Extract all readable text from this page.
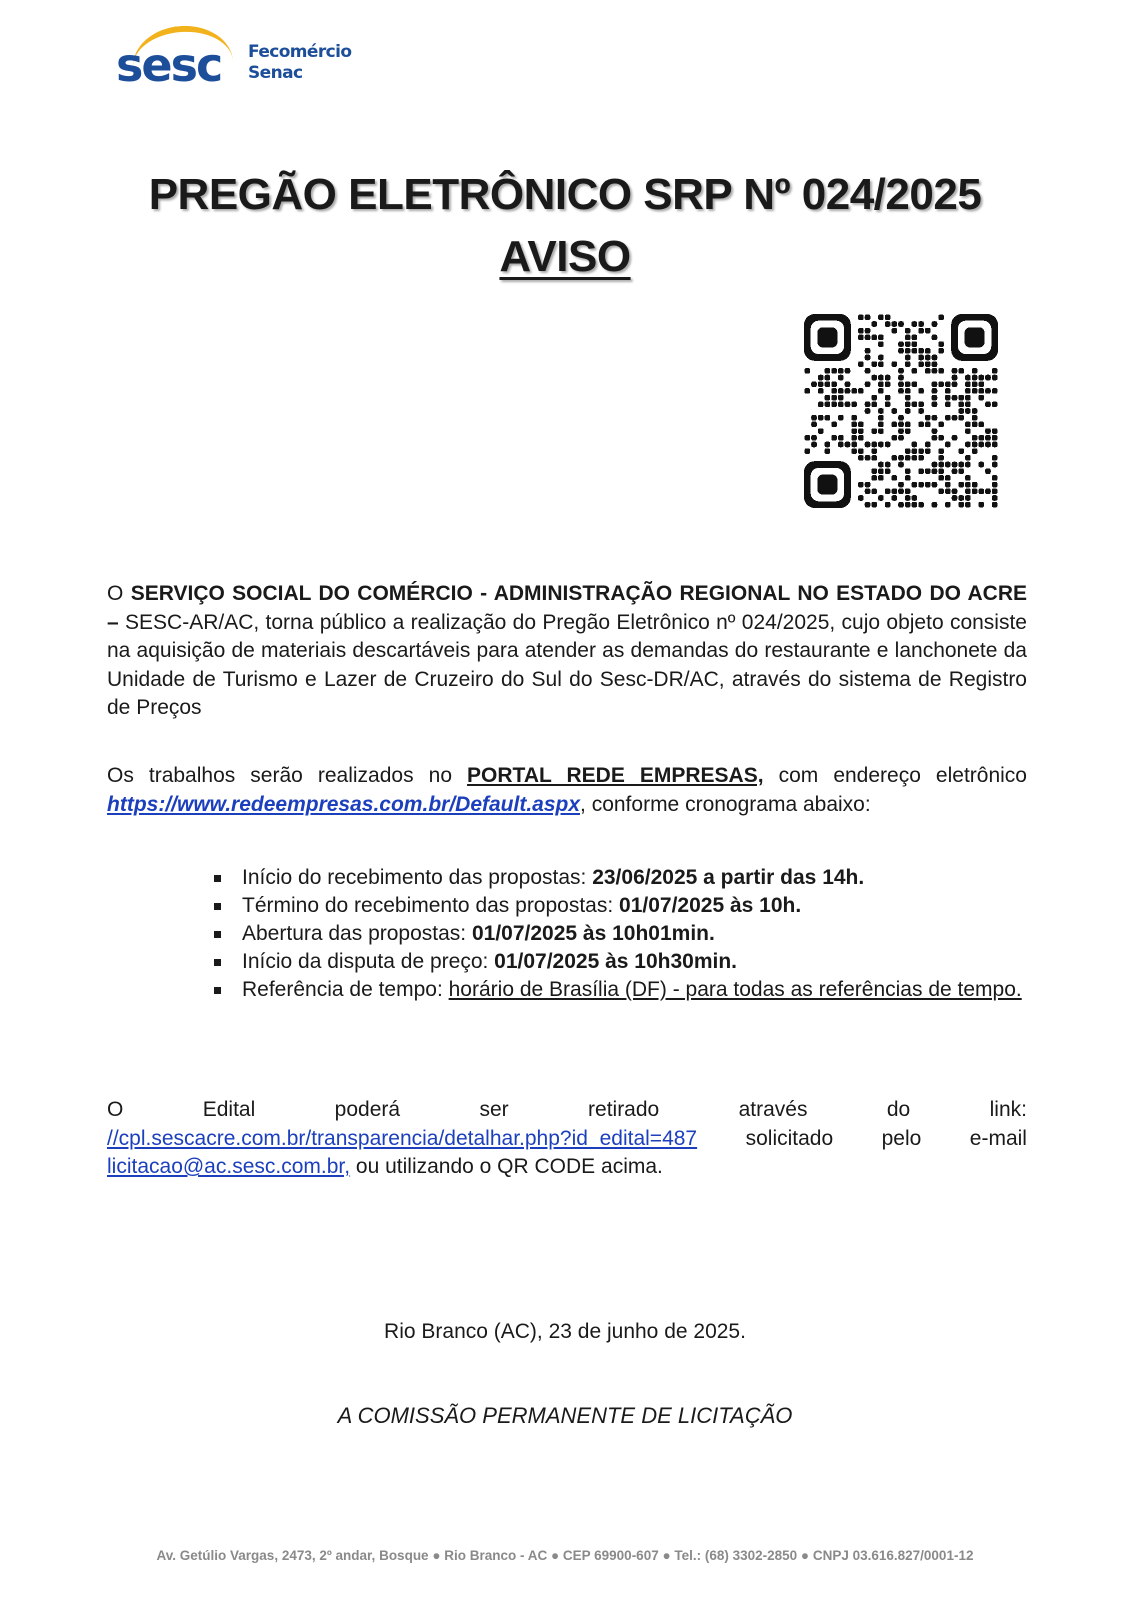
sesc Fecomércio
Senac
PREGÃO ELETRÔNICO SRP Nº 024/2025
AVISO
O SERVIÇO SOCIAL DO COMÉRCIO - ADMINISTRAÇÃO REGIONAL NO ESTADO DO ACRE – SESC-AR/AC, torna público a realização do Pregão Eletrônico nº 024/2025, cujo objeto consiste na aquisição de materiais descartáveis para atender as demandas do restaurante e lanchonete da Unidade de Turismo e Lazer de Cruzeiro do Sul do Sesc-DR/AC, através do sistema de Registro de Preços
Os trabalhos serão realizados no PORTAL REDE EMPRESAS, com endereço eletrônico https://www.redeempresas.com.br/Default.aspx, conforme cronograma abaixo:
Início do recebimento das propostas: 23/06/2025 a partir das 14h.
Término do recebimento das propostas: 01/07/2025 às 10h.
Abertura das propostas: 01/07/2025 às 10h01min.
Início da disputa de preço: 01/07/2025 às 10h30min.
Referência de tempo: horário de Brasília (DF) - para todas as referências de tempo.
O	Edital	poderá	ser	retirado	através	do	link:
//cpl.sescacre.com.br/transparencia/detalhar.php?id_edital=487 solicitado pelo e-mail
licitacao@ac.sesc.com.br, ou utilizando o QR CODE acima.
Rio Branco (AC), 23 de junho de 2025.
A COMISSÃO PERMANENTE DE LICITAÇÃO
Av. Getúlio Vargas, 2473, 2º andar, Bosque ● Rio Branco - AC ● CEP 69900-607 ● Tel.: (68) 3302-2850 ● CNPJ 03.616.827/0001-12
